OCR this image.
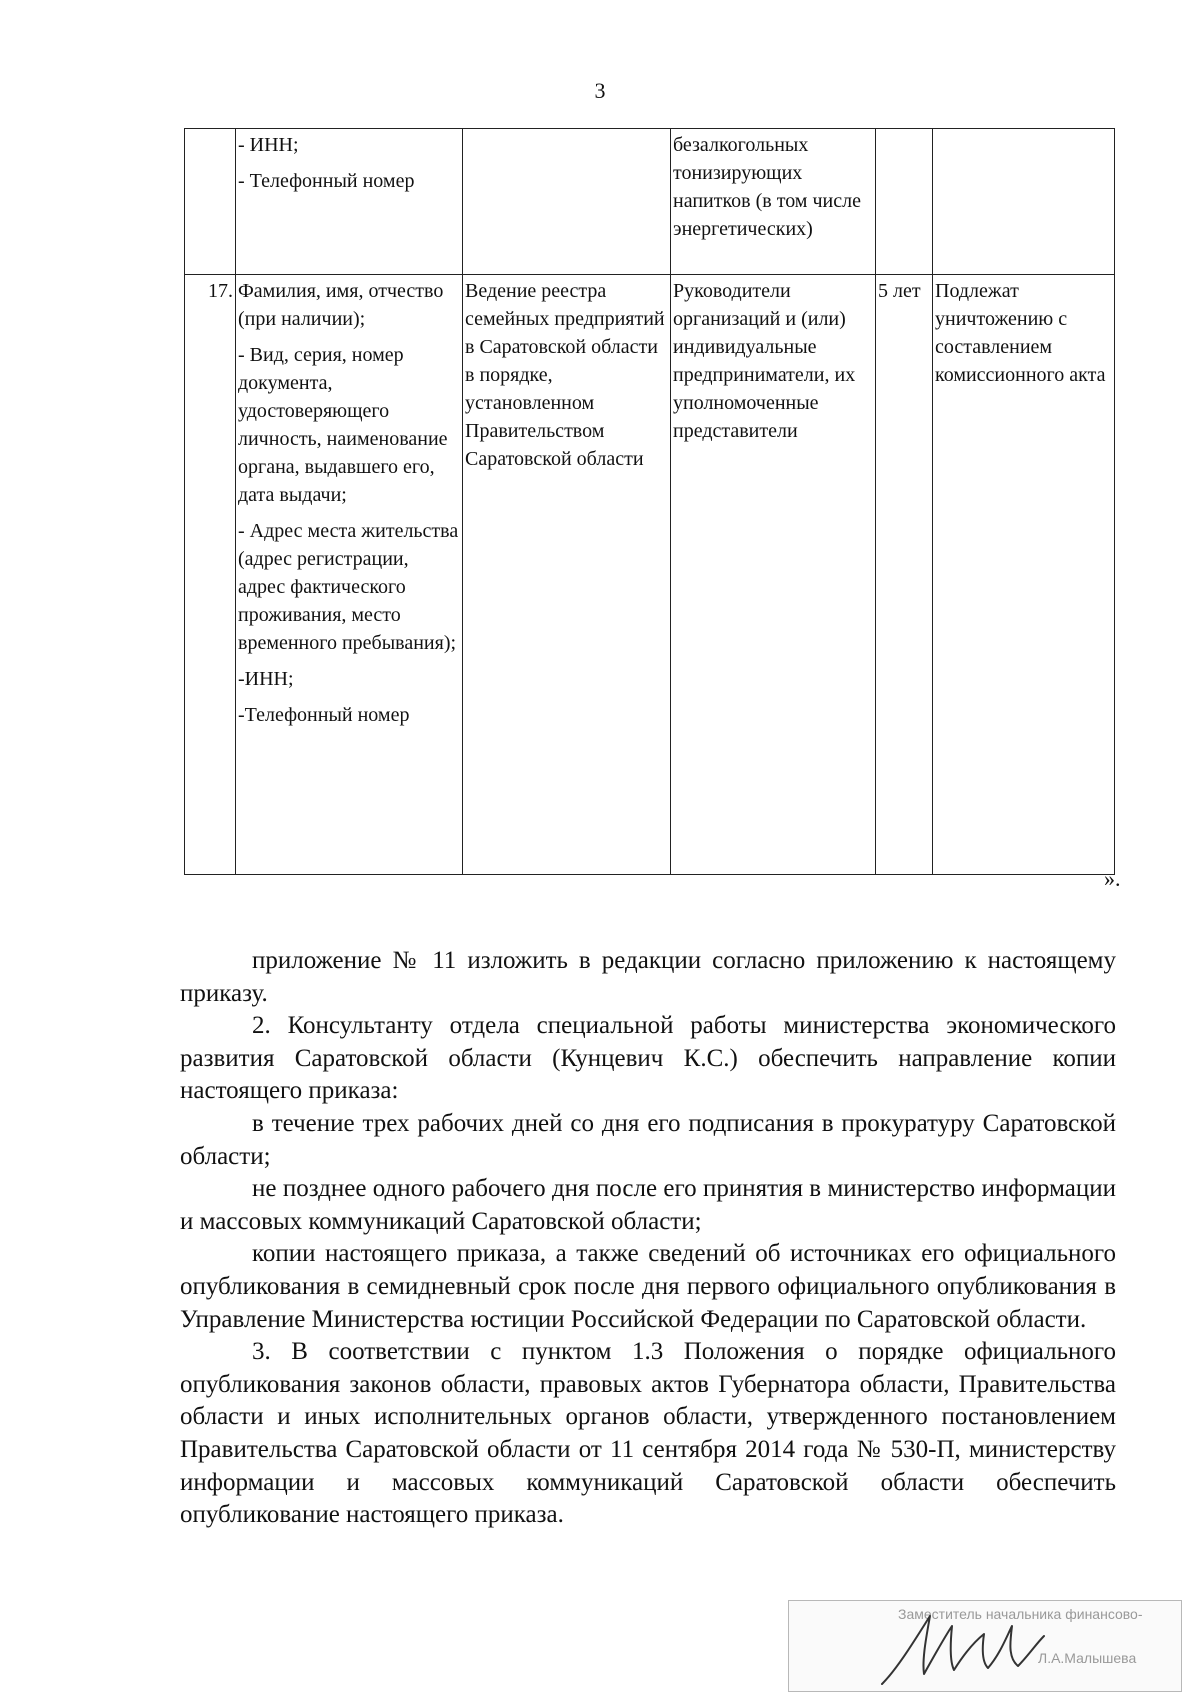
3

	- ИНН;
- Телефонный номер		безалкогольных тонизирующих напитков (в том числе энергетических)		
17.	Фамилия, имя, отчество (при наличии);
- Вид, серия, номер документа, удостоверяющего личность, наименование органа, выдавшего его, дата выдачи;
- Адрес места жительства (адрес регистрации, адрес фактического проживания, место временного пребывания);
-ИНН;
-Телефонный номер	Ведение реестра семейных предприятий в Саратовской области в порядке, установленном Правительством Саратовской области	Руководители организаций и (или) индивидуальные предприниматели, их уполномоченные представители	5 лет	Подлежат уничтожению с составлением комиссионного акта
».

приложение № 11 изложить в редакции согласно приложению к настоящему приказу.

2. Консультанту отдела специальной работы министерства экономического развития Саратовской области (Кунцевич К.С.) обеспечить направление копии настоящего приказа:

в течение трех рабочих дней со дня его подписания в прокуратуру Саратовской области;

не позднее одного рабочего дня после его принятия в министерство информации и массовых коммуникаций Саратовской области;

копии настоящего приказа, а также сведений об источниках его официального опубликования в семидневный срок после дня первого официального опубликования в Управление Министерства юстиции Российской Федерации по Саратовской области.

3. В соответствии с пунктом 1.3 Положения о порядке официального опубликования законов области, правовых актов Губернатора области, Правительства области и иных исполнительных органов области, утвержденного постановлением Правительства Саратовской области от 11 сентября 2014 года № 530-П, министерству информации и массовых коммуникаций Саратовской области обеспечить опубликование настоящего приказа.

Заместитель начальника финансово-
Л.А.Малышева
